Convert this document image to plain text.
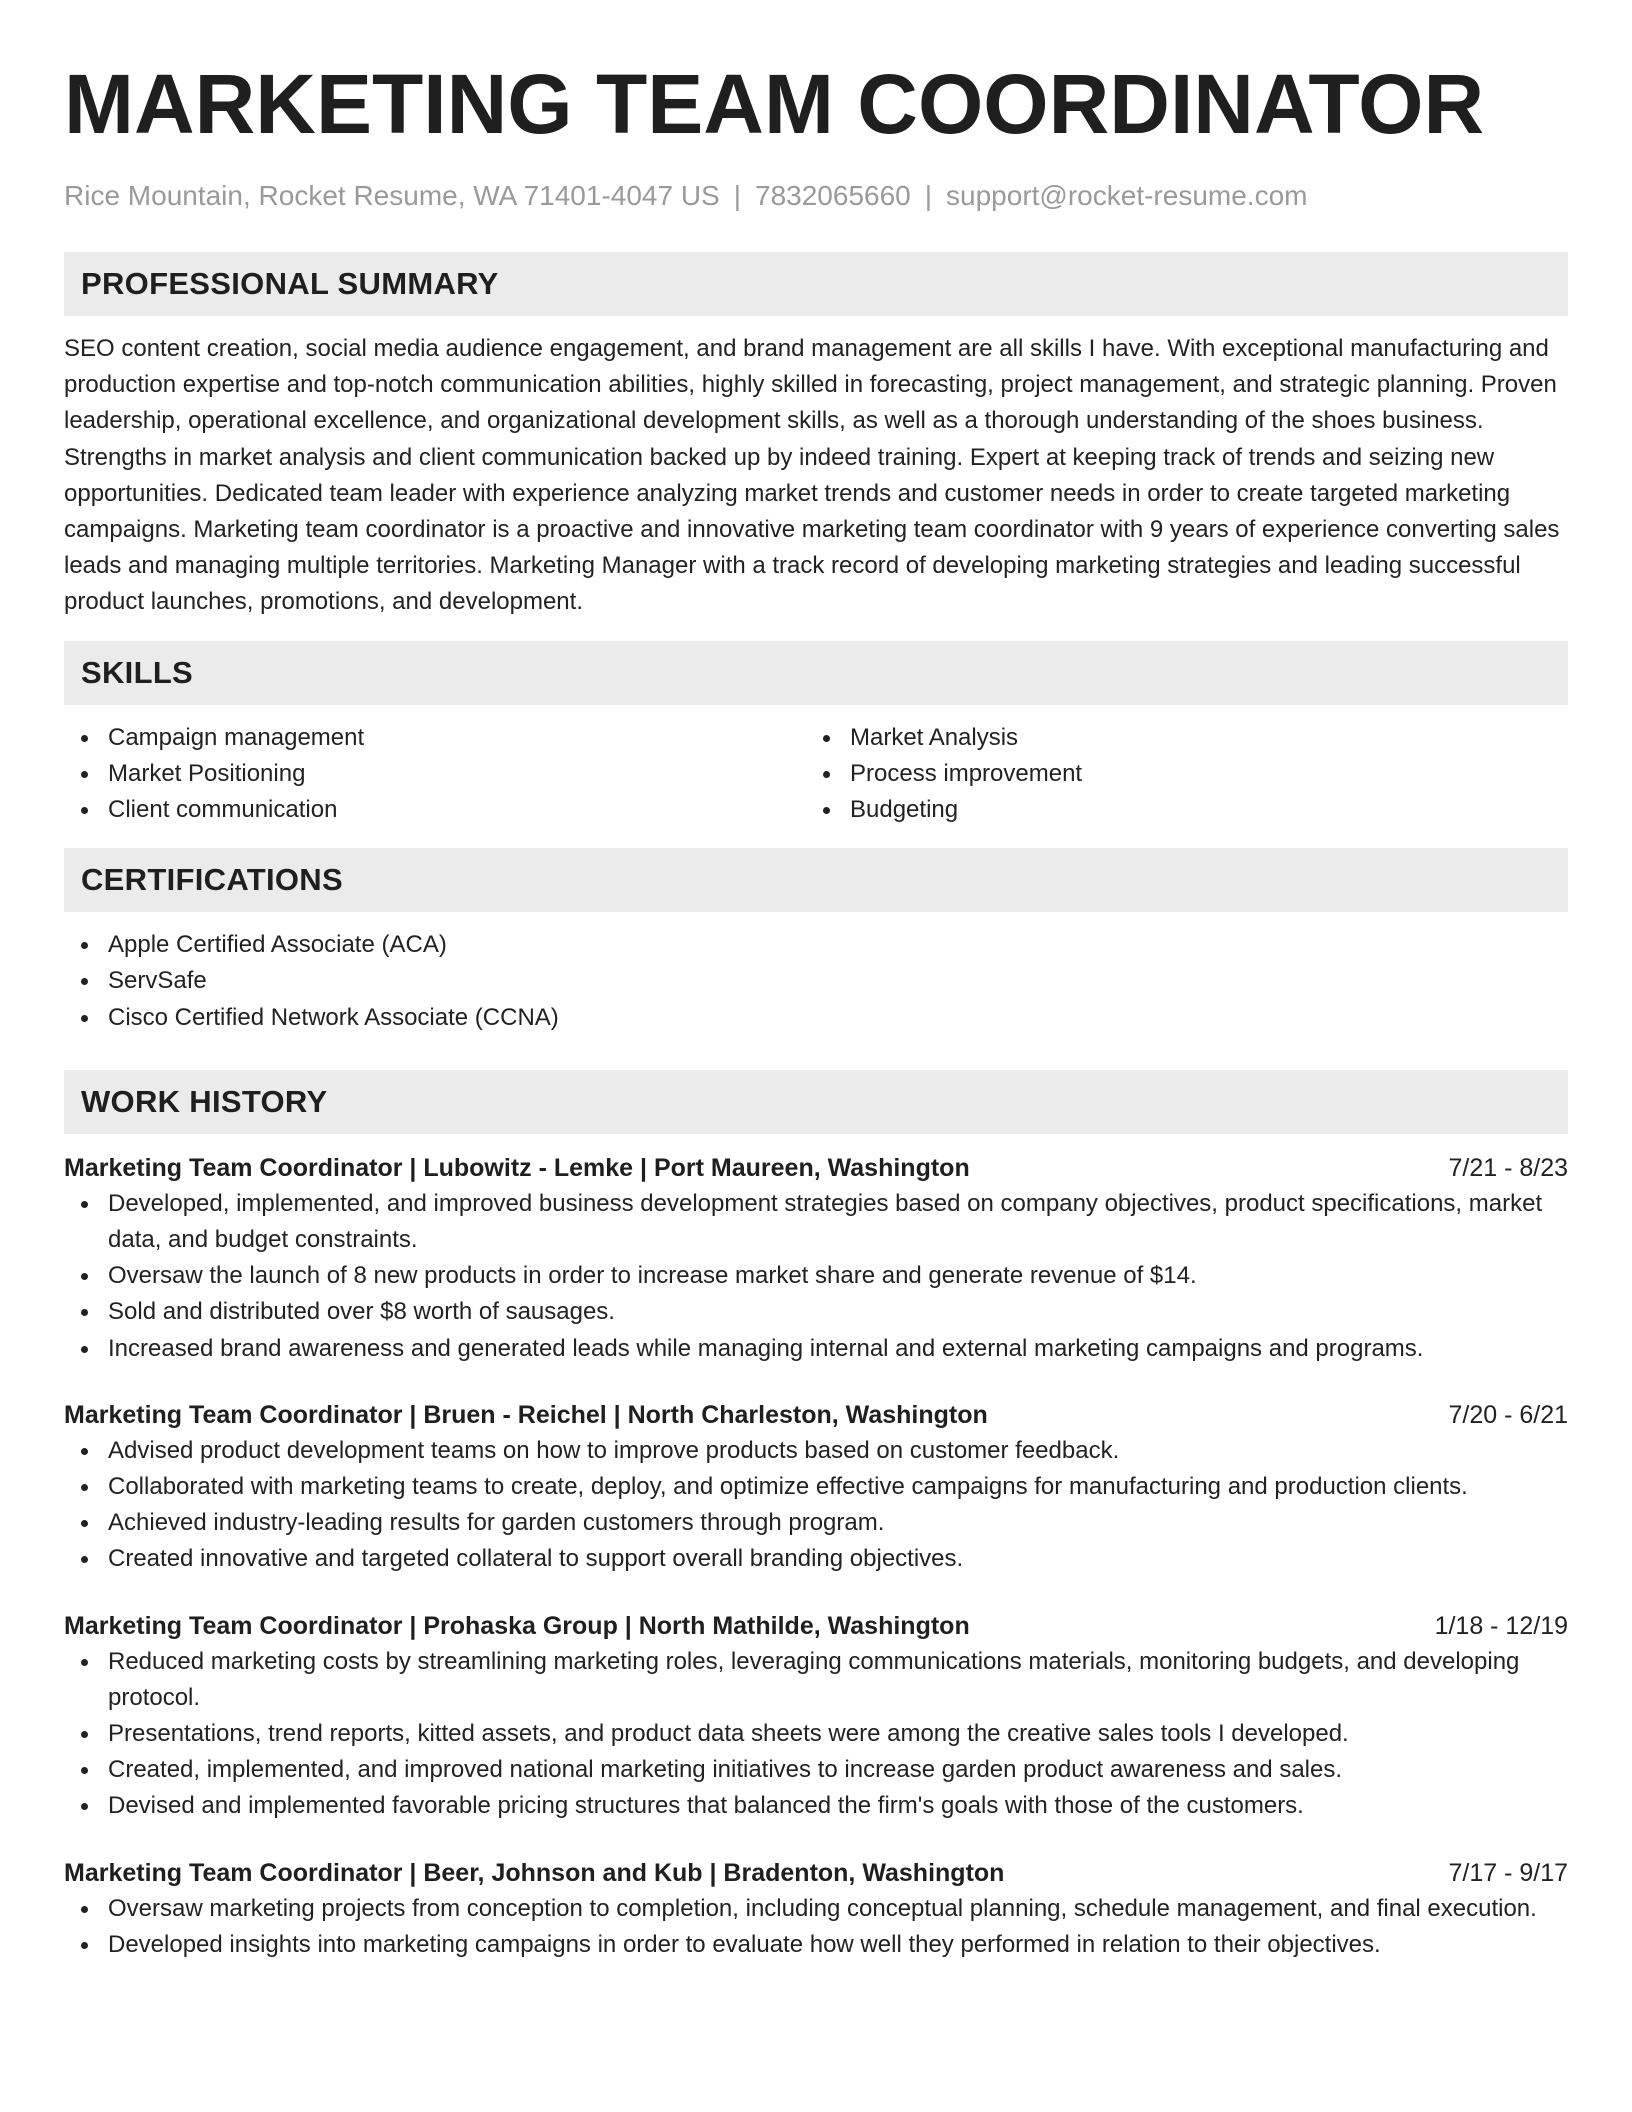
MARKETING TEAM COORDINATOR
Rice Mountain, Rocket Resume, WA 71401-4047 US | 7832065660 | support@rocket-resume.com
PROFESSIONAL SUMMARY

SEO content creation, social media audience engagement, and brand management are all skills I have. With exceptional manufacturing and production expertise and top-notch communication abilities, highly skilled in forecasting, project management, and strategic planning. Proven leadership, operational excellence, and organizational development skills, as well as a thorough understanding of the shoes business. Strengths in market analysis and client communication backed up by indeed training. Expert at keeping track of trends and seizing new opportunities. Dedicated team leader with experience analyzing market trends and customer needs in order to create targeted marketing campaigns. Marketing team coordinator is a proactive and innovative marketing team coordinator with 9 years of experience converting sales leads and managing multiple territories. Marketing Manager with a track record of developing marketing strategies and leading successful product launches, promotions, and development.

SKILLS
Campaign management
Market Positioning
Client communication
Market Analysis
Process improvement
Budgeting
CERTIFICATIONS
Apple Certified Associate (ACA)
ServSafe
Cisco Certified Network Associate (CCNA)
WORK HISTORY
Marketing Team Coordinator | Lubowitz - Lemke | Port Maureen, Washington	7/21 - 8/23
Developed, implemented, and improved business development strategies based on company objectives, product specifications, market data, and budget constraints.
Oversaw the launch of 8 new products in order to increase market share and generate revenue of $14.
Sold and distributed over $8 worth of sausages.
Increased brand awareness and generated leads while managing internal and external marketing campaigns and programs.
Marketing Team Coordinator | Bruen - Reichel | North Charleston, Washington	7/20 - 6/21
Advised product development teams on how to improve products based on customer feedback.
Collaborated with marketing teams to create, deploy, and optimize effective campaigns for manufacturing and production clients.
Achieved industry-leading results for garden customers through program.
Created innovative and targeted collateral to support overall branding objectives.
Marketing Team Coordinator | Prohaska Group | North Mathilde, Washington	1/18 - 12/19
Reduced marketing costs by streamlining marketing roles, leveraging communications materials, monitoring budgets, and developing protocol.
Presentations, trend reports, kitted assets, and product data sheets were among the creative sales tools I developed.
Created, implemented, and improved national marketing initiatives to increase garden product awareness and sales.
Devised and implemented favorable pricing structures that balanced the firm's goals with those of the customers.
Marketing Team Coordinator | Beer, Johnson and Kub | Bradenton, Washington	7/17 - 9/17
Oversaw marketing projects from conception to completion, including conceptual planning, schedule management, and final execution.
Developed insights into marketing campaigns in order to evaluate how well they performed in relation to their objectives.
